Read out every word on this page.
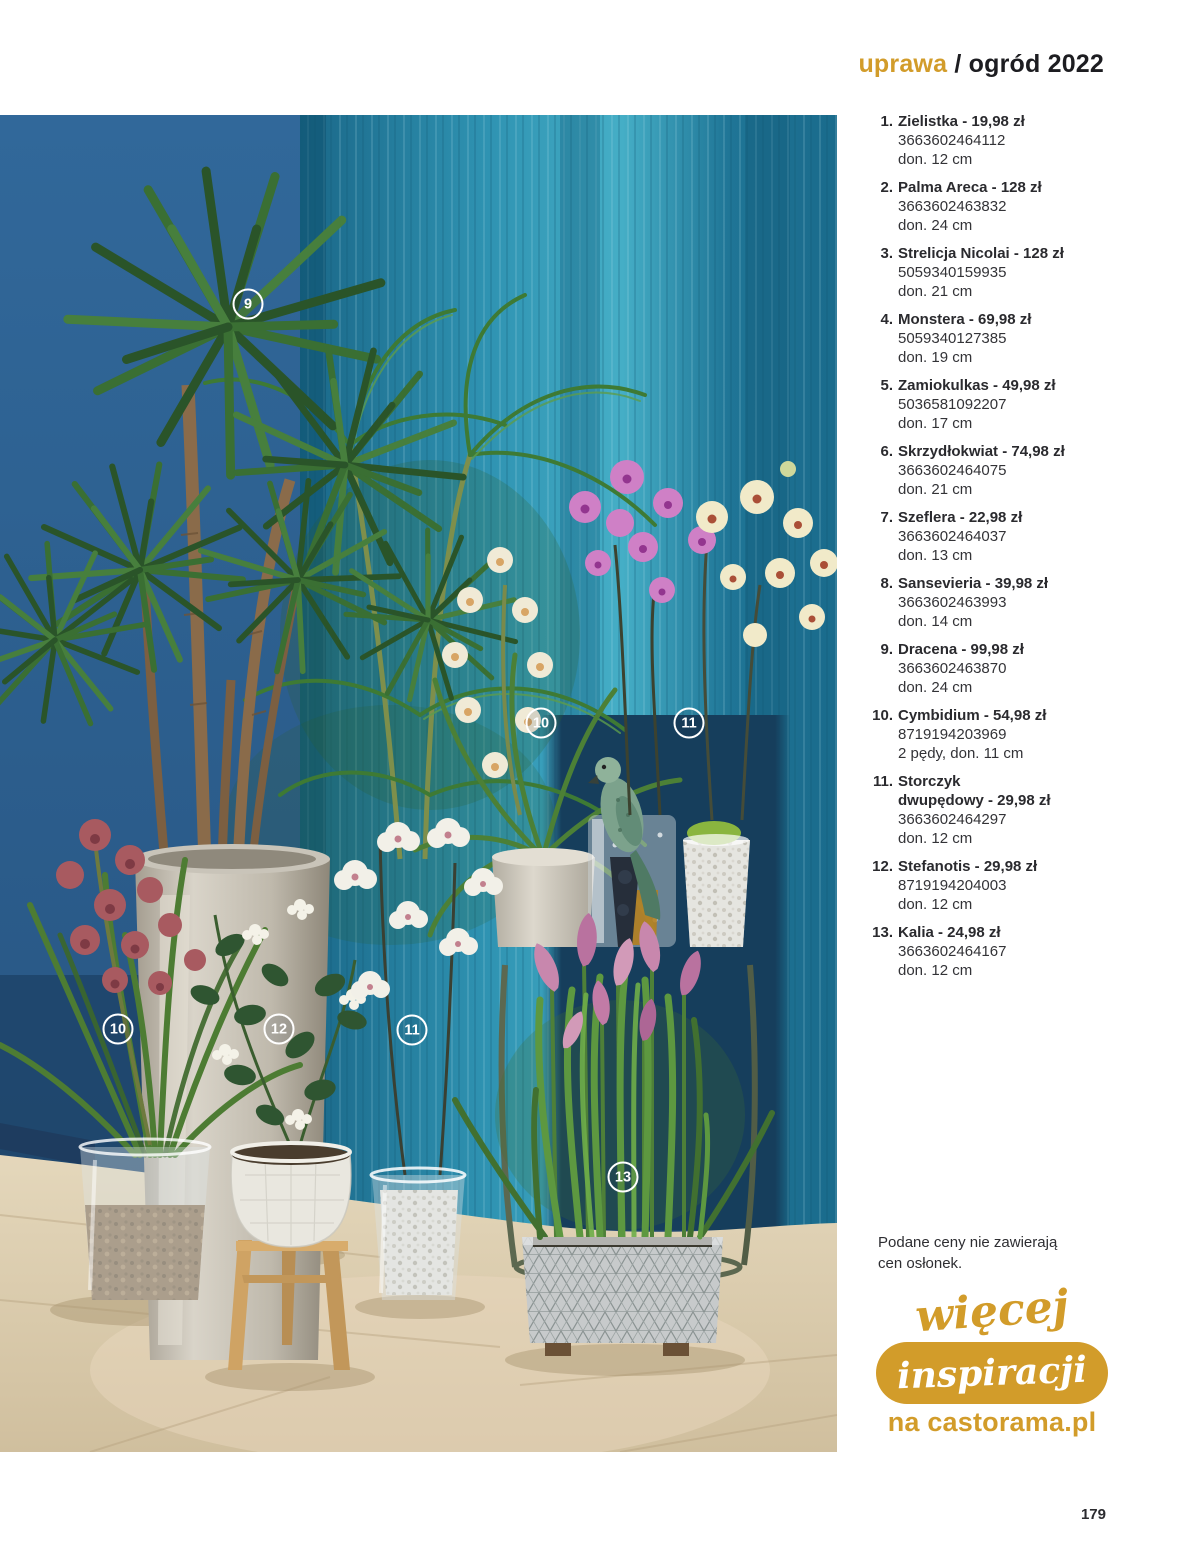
uprawa / ogród 2022
9
10	11
10	12	11
13
1. Zielistka - 19,98 zł
3663602464112
don. 12 cm
2. Palma Areca - 128 zł
3663602463832
don. 24 cm
3. Strelicja Nicolai - 128 zł
5059340159935
don. 21 cm
4. Monstera - 69,98 zł
5059340127385
don. 19 cm
5. Zamiokulkas - 49,98 zł
5036581092207
don. 17 cm
6. Skrzydłokwiat - 74,98 zł
3663602464075
don. 21 cm
7. Szeflera - 22,98 zł
3663602464037
don. 13 cm
8. Sansevieria - 39,98 zł
3663602463993
don. 14 cm
9. Dracena - 99,98 zł
3663602463870
don. 24 cm
10. Cymbidium - 54,98 zł
8719194203969
2 pędy, don. 11 cm
11. Storczyk
dwupędowy - 29,98 zł
3663602464297
don. 12 cm
12. Stefanotis - 29,98 zł
8719194204003
don. 12 cm
13. Kalia - 24,98 zł
3663602464167
don. 12 cm
Podane ceny nie zawierają
cen osłonek.
więcej
inspiracji
na castorama.pl
179
